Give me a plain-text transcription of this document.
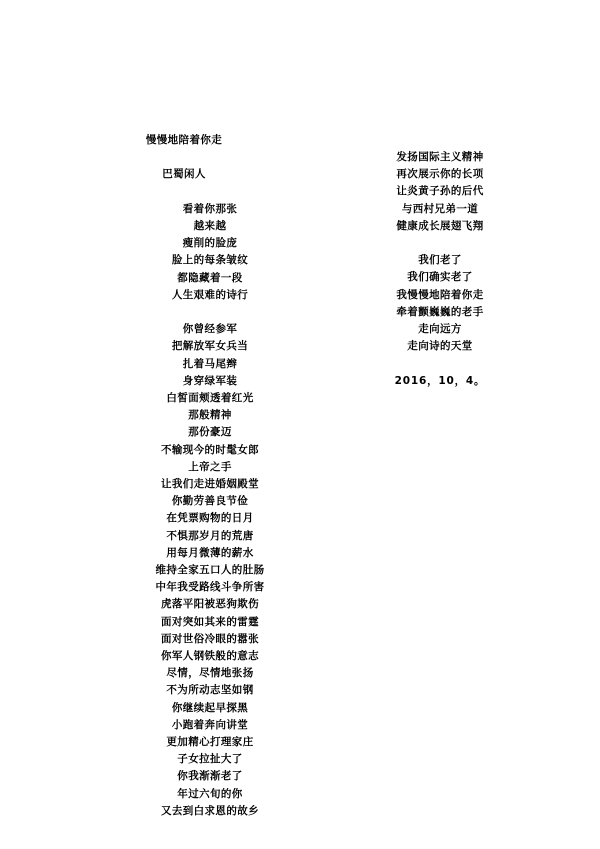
慢慢地陪着你走
巴蜀闲人
看着你那张
越来越
瘦削的脸庞
脸上的每条皱纹
都隐藏着一段
人生艰难的诗行
你曾经参军
把解放军女兵当
扎着马尾辫
身穿绿军装
白皙面颊透着红光
那般精神
那份豪迈
不输现今的时髦女郎
上帝之手
让我们走进婚姻殿堂
你勤劳善良节俭
在凭票购物的日月
不惧那岁月的荒唐
用每月微薄的薪水
维持全家五口人的肚肠
中年我受路线斗争所害
虎落平阳被恶狗欺伤
面对突如其来的雷霆
面对世俗冷眼的嚣张
你军人钢铁般的意志
尽情，尽情地张扬
不为所动志坚如钢
你继续起早探黑
小跑着奔向讲堂
更加精心打理家庄
子女拉扯大了
你我渐渐老了
年过六旬的你
又去到白求恩的故乡
发扬国际主义精神
再次展示你的长项
让炎黄子孙的后代
与西村兄弟一道
健康成长展翅飞翔
我们老了
我们确实老了
我慢慢地陪着你走
牵着颤巍巍的老手
走向远方
走向诗的天堂
2016，10，4。
